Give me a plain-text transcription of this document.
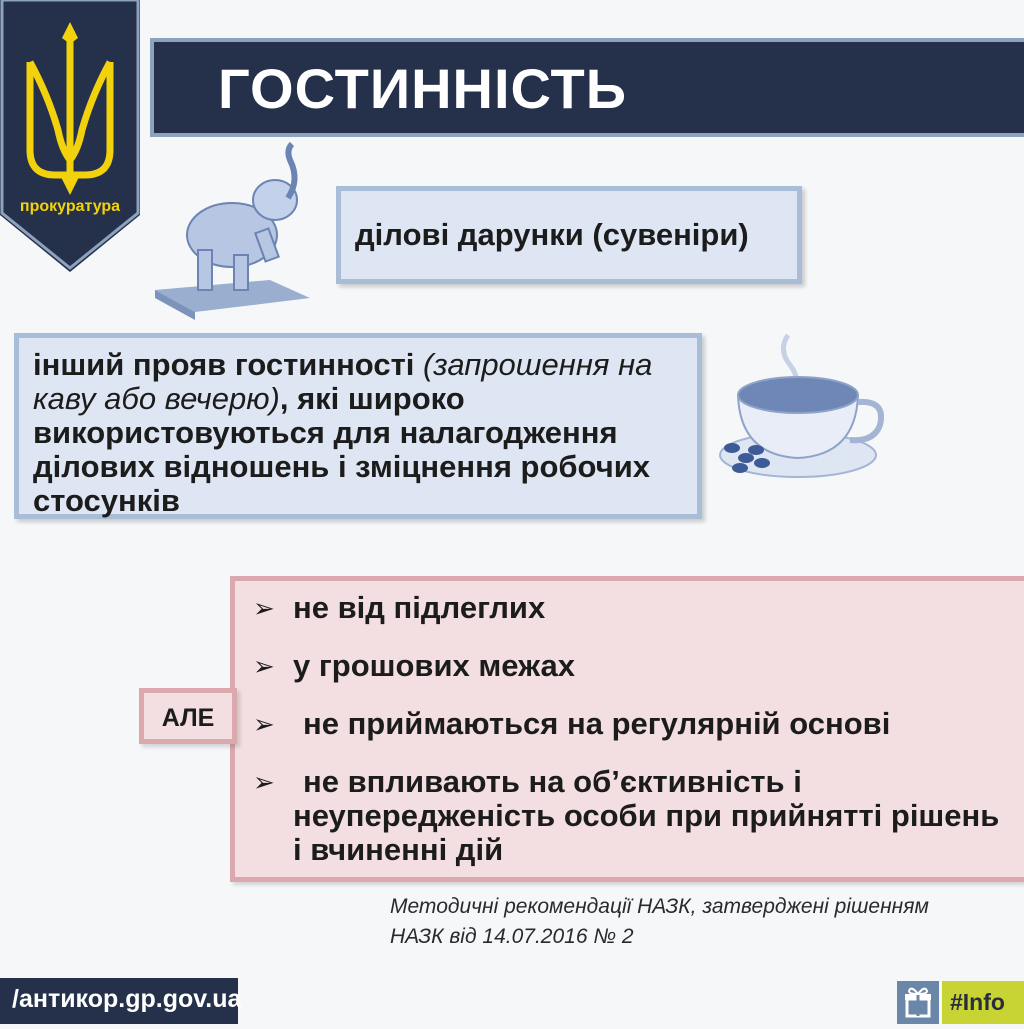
прокуратура
ГОСТИННІСТЬ
ділові дарунки (сувеніри)
інший прояв гостинності (запрошення на каву або вечерю), які широко використовуються для налагодження ділових відношень і зміцнення робочих стосунків
➢ не від підлеглих
➢ у грошових межах
➢ не приймаються на регулярній основі
➢ не впливають на об’єктивність і неупередженість особи при прийнятті рішень і вчиненні дій
АЛЕ
Методичні рекомендації НАЗК, затверджені рішенням
НАЗК від 14.07.2016 № 2
/антикор.gp.gov.ua	#Info
